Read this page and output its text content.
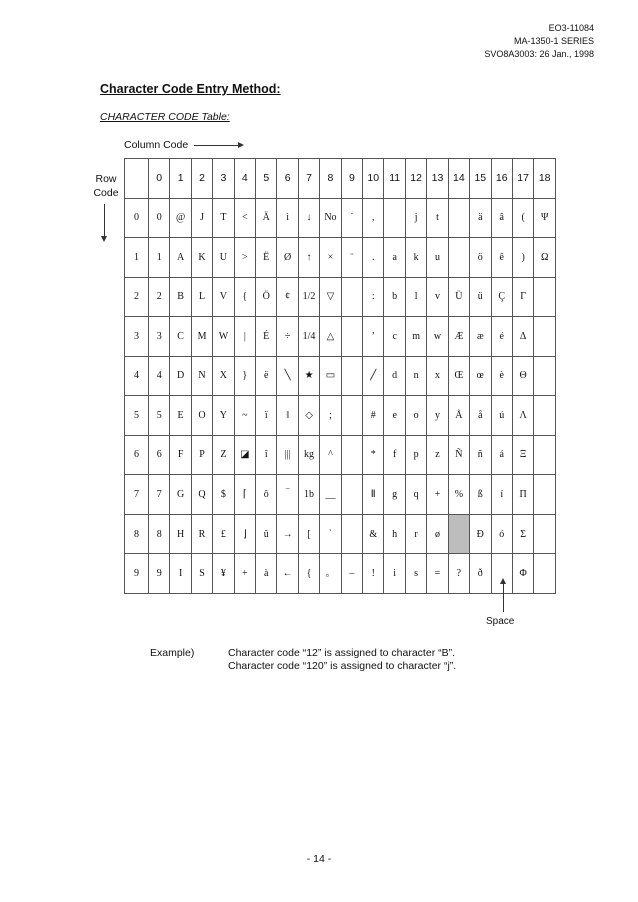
EO3-11084
MA-1350-1 SERIES
SVO8A3003: 26 Jan., 1998
Character Code Entry Method:
CHARACTER CODE Table:
Column Code
Row Code
	0	1	2	3	4	5	6	7	8	9	10	11	12	13	14	15	16	17	18
0	0	@	J	T	<	Ä	ì	↓	No	˙	,		j	t		ä	â	(	Ψ
1	1	A	K	U	>	Ë	Ø	↑	×	¨	.	a	k	u		ö	ê	)	Ω
2	2	B	L	V	{	Ö	¢	1/2	▽		:	b	l	v	Ü	ü	Ç	Γ	
3	3	C	M	W	|	É	÷	1/4	△		’	c	m	w	Æ	æ	é	Δ	
4	4	D	N	X	}	ë	╲	★	▭		╱	d	n	x	Œ	œ	è	Θ	
5	5	E	O	Y	~	ï	‖	◇	;		#	e	o	y	Å	å	ú	Λ	
6	6	F	P	Z	◪	î	|||	kg	^		*	f	p	z	Ñ	ñ	á	Ξ	
7	7	G	Q	$	⌈	ô	‾	1b	__		Ⅱ	g	q	+	%	ß	í	Π	
8	8	H	R	£	⌋	û	→	[	`		&	h	r	ø		Ð	ó	Σ	
9	9	I	S	¥	+	à	←	{	。	–	!	i	s	=	?	ð		Φ	
Space
Example)	Character code “12” is assigned to character “B”.
Character code “120” is assigned to character “j”.
- 14 -
